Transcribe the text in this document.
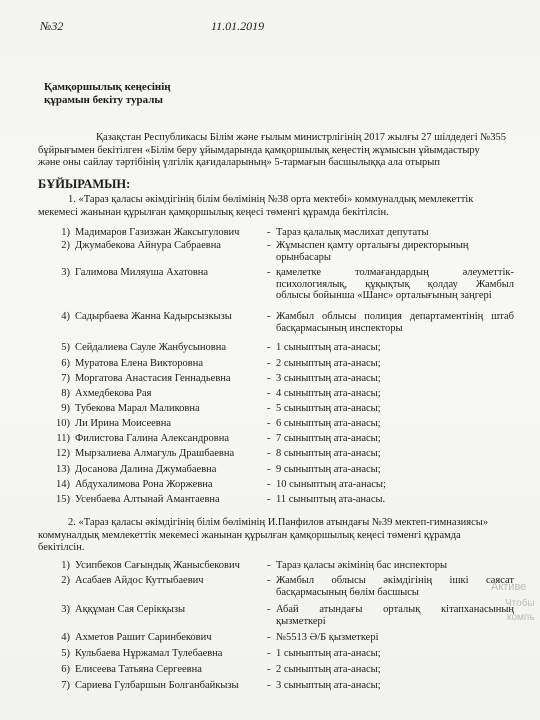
№32	11.01.2019
Қамқоршылық кеңесінің
құрамын бекіту туралы
Қазақстан Республикасы Білім және ғылым министрлігінің 2017 жылғы 27 шілдедегі №355
бұйрығымен бекітілген «Білім беру ұйымдарында қамқоршылық кеңестің жұмысын ұйымдастыру
және оны сайлау тәртібінің үлгілік қағидаларының» 5-тармағын басшылыққа ала отырып
БҰЙЫРАМЫН:
1. «Тараз қаласы әкімдігінің білім бөлімінің №38 орта мектебі» коммуналдық мемлекеттік
мекемесі жанынан құрылған қамқоршылық кеңесі төменгі құрамда бекітілсін.
1) Мадимаров Газизжан Жаксыгулович	- Тараз қалалық мәслихат депутаты
2) Джумабекова Айнура Сабраевна	- Жұмыспен қамту орталығы директорының
орынбасары
3) Галимова Миляуша Ахатовна	- қамелетке толмағандардың әлеуметтік-
психологиялық, құқықтық қолдау Жамбыл
облысы бойынша «Шанс» орталығының заңгері
4) Садырбаева Жанна Кадырсызкызы	- Жамбыл облысы полиция департаментінің штаб
басқармасының инспекторы
5) Сейдалиева Сауле Жанбусыновна	- 1 сыныптың ата-анасы;
6) Муратова Елена Викторовна	- 2 сыныптың ата-анасы;
7) Моргатова Анастасия Геннадьевна	- 3 сыныптың ата-анасы;
8) Ахмедбекова Рая	- 4 сыныптың ата-анасы;
9) Тубекова Марал Маликовна	- 5 сыныптың ата-анасы;
10) Ли Ирина Моисеевна	- 6 сыныптың ата-анасы;
11) Филистова Галина Александровна	- 7 сыныптың ата-анасы;
12) Мырзалиева Алмагуль Драшбаевна	- 8 сыныптың ата-анасы;
13) Досанова Далина Джумабаевна	- 9 сыныптың ата-анасы;
14) Абдухалимова Рона Жоржевна	- 10 сыныптың ата-анасы;
15) Усенбаева Алтынай Амантаевна	- 11 сыныптың ата-анасы.
2. «Тараз қаласы әкімдігінің білім бөлімінің И.Панфилов атындағы №39 мектеп-гимназиясы»
коммуналдық мемлекеттік мекемесі жанынан құрылған қамқоршылық кеңесі төменгі құрамда
бекітілсін.
1) Усипбеков Сағындық Жанысбекович	- Тараз қаласы әкімінің бас инспекторы
2) Асабаев Айдос Куттыбаевич	- Жамбыл облысы әкімдігінің ішкі саясат
басқармасының бөлім басшысы
3) Аққұман Сая Серікқызы	- Абай атындағы орталық кітапханасының
қызметкері
4) Ахметов Рашит Саринбекович	- №5513 Ә/Б қызметкері
5) Кульбаева Нұржамал Тулебаевна	- 1 сыныптың ата-анасы;
6) Елисеева Татьяна Сергеевна	- 2 сыныптың ата-анасы;
7) Сариева Гулбаршын Болганбайкызы	- 3 сыныптың ата-анасы;
Активе
Чтобы
компь
